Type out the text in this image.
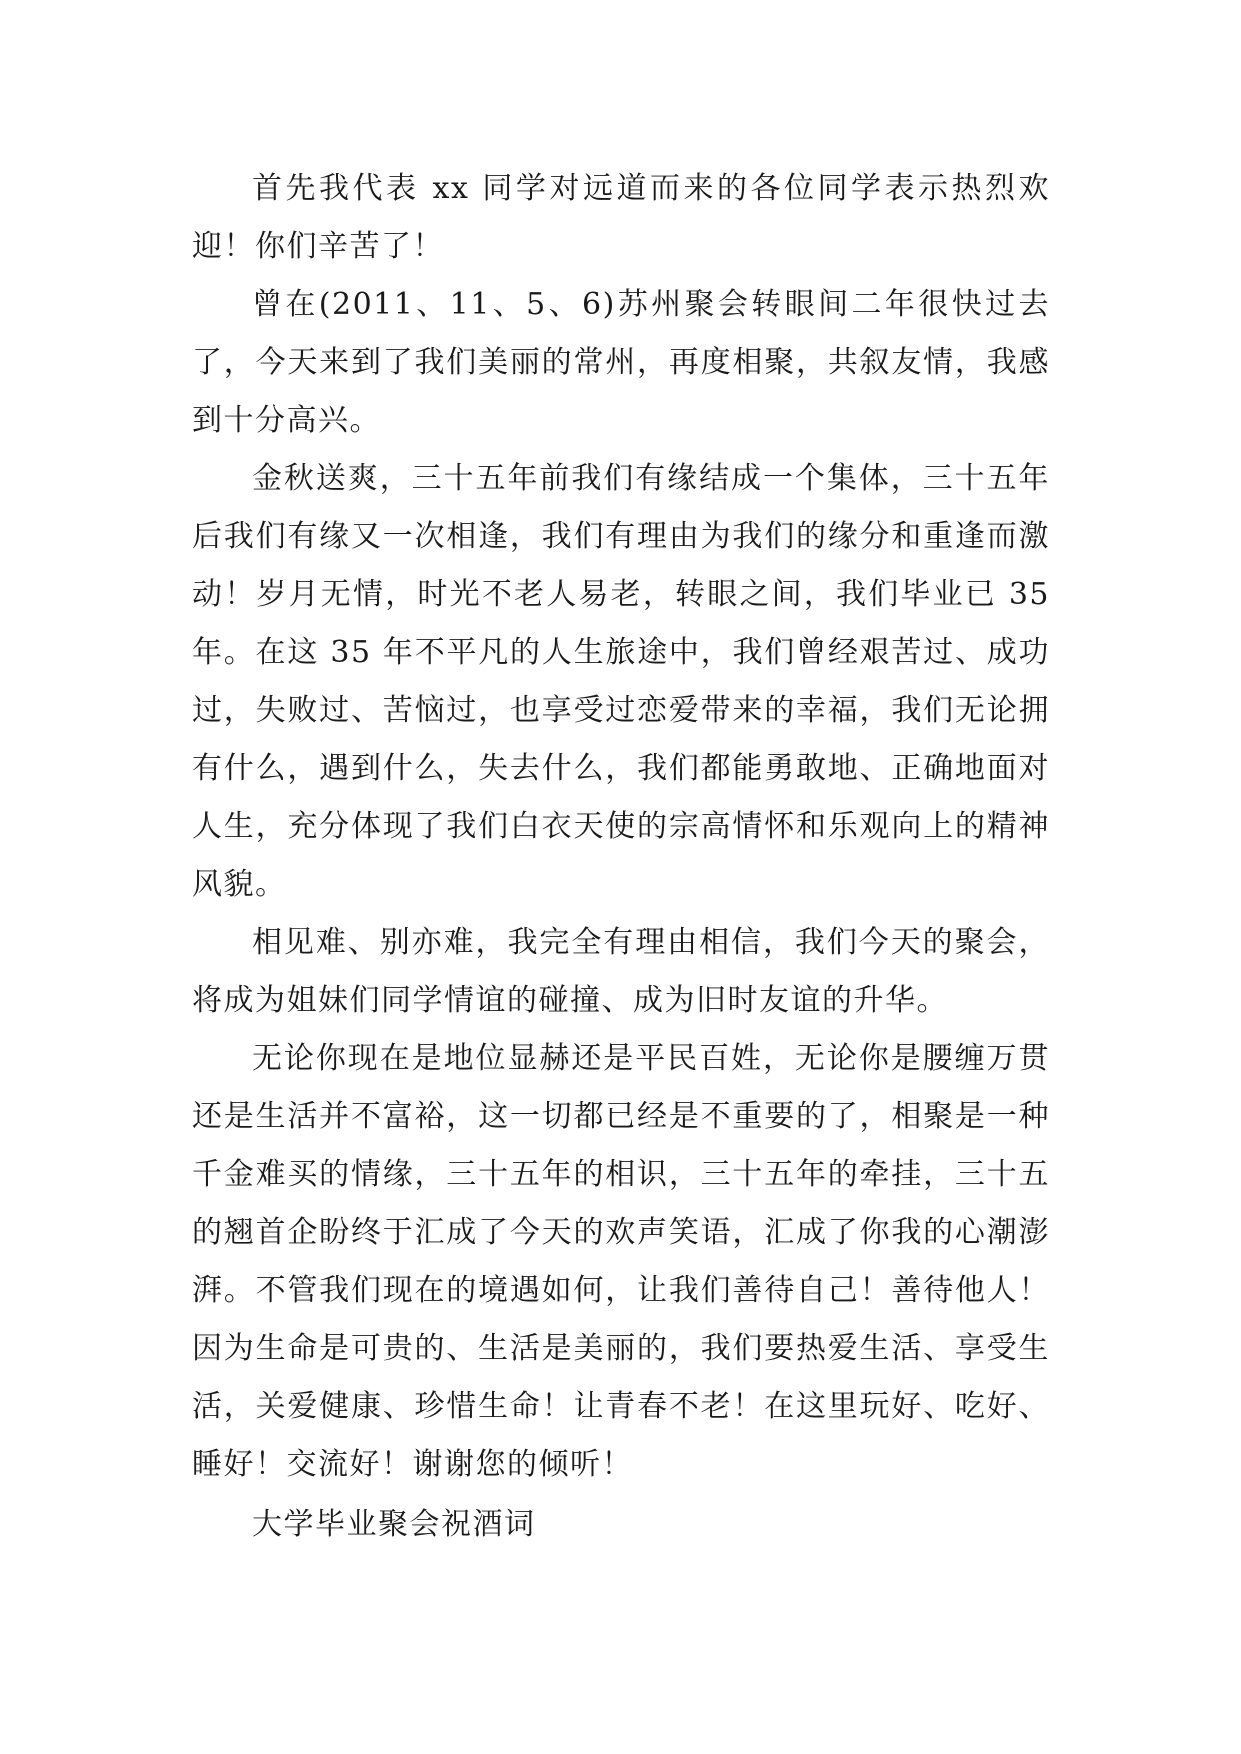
首先我代表 xx 同学对远道而来的各位同学表示热烈欢迎！你们辛苦了！

曾在(2011、11、5、6)苏州聚会转眼间二年很快过去了，今天来到了我们美丽的常州，再度相聚，共叙友情，我感到十分高兴。

金秋送爽，三十五年前我们有缘结成一个集体，三十五年后我们有缘又一次相逢，我们有理由为我们的缘分和重逢而激动！岁月无情，时光不老人易老，转眼之间，我们毕业已 35 年。在这 35 年不平凡的人生旅途中，我们曾经艰苦过、成功过，失败过、苦恼过，也享受过恋爱带来的幸福，我们无论拥有什么，遇到什么，失去什么，我们都能勇敢地、正确地面对人生，充分体现了我们白衣天使的宗高情怀和乐观向上的精神风貌。

相见难、别亦难，我完全有理由相信，我们今天的聚会，将成为姐妹们同学情谊的碰撞、成为旧时友谊的升华。

无论你现在是地位显赫还是平民百姓，无论你是腰缠万贯还是生活并不富裕，这一切都已经是不重要的了，相聚是一种千金难买的情缘，三十五年的相识，三十五年的牵挂，三十五的翘首企盼终于汇成了今天的欢声笑语，汇成了你我的心潮澎湃。不管我们现在的境遇如何，让我们善待自己！善待他人！因为生命是可贵的、生活是美丽的，我们要热爱生活、享受生活，关爱健康、珍惜生命！让青春不老！在这里玩好、吃好、睡好！交流好！谢谢您的倾听！

大学毕业聚会祝酒词
